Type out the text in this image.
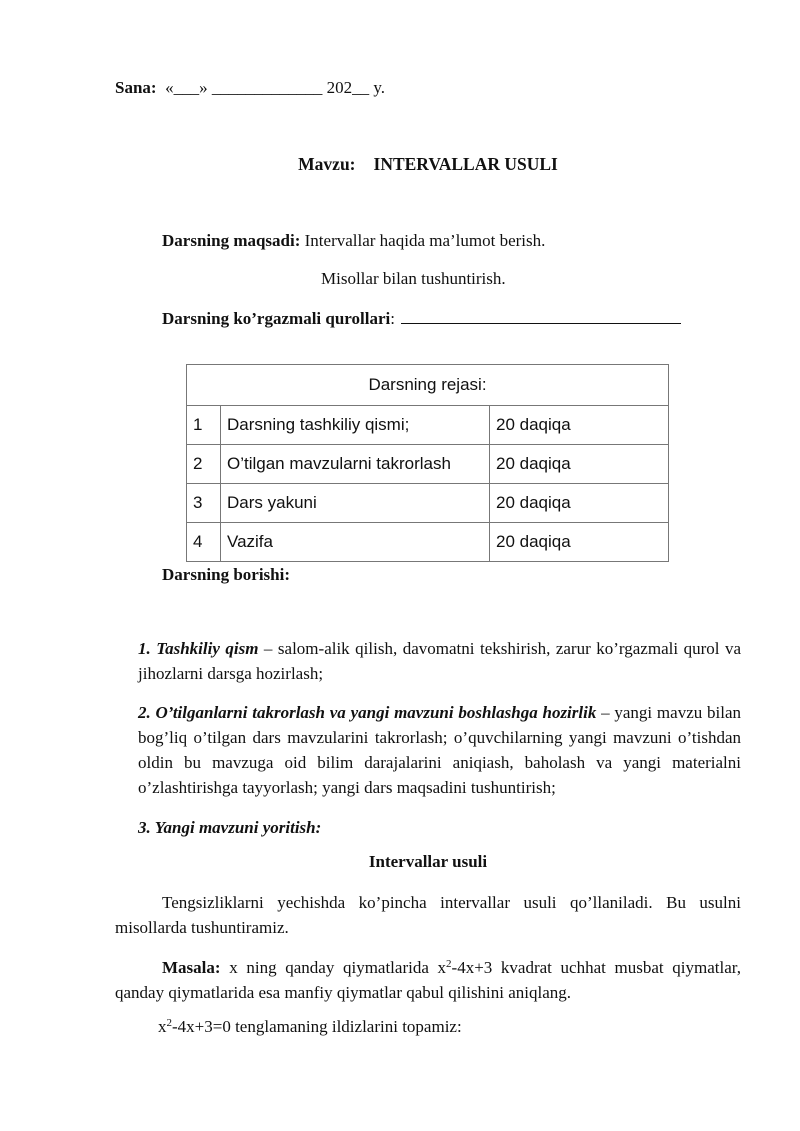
Sana: «___» _____________ 202__ y.
Mavzu: INTERVALLAR USULI
Darsning maqsadi: Intervallar haqida ma’lumot berish.
Misollar bilan tushuntirish.
Darsning ko’rgazmali qurollari:
Darsning rejasi:		
1	Darsning tashkiliy qismi;	20 daqiqa
2	O’tilgan mavzularni takrorlash	20 daqiqa
3	Dars yakuni	20 daqiqa
4	Vazifa	20 daqiqa
Darsning borishi:
1. Tashkiliy qism – salom-alik qilish, davomatni tekshirish, zarur ko’rgazmali qurol va jihozlarni darsga hozirlash;
2. O’tilganlarni takrorlash va yangi mavzuni boshlashga hozirlik – yangi mavzu bilan bog’liq o’tilgan dars mavzularini takrorlash; o’quvchilarning yangi mavzuni o’tishdan oldin bu mavzuga oid bilim darajalarini aniqiash, baholash va yangi materialni o’zlashtirishga tayyorlash; yangi dars maqsadini tushuntirish;
3. Yangi mavzuni yoritish:
Intervallar usuli
Tengsizliklarni yechishda ko’pincha intervallar usuli qo’llaniladi. Bu usulni misollarda tushuntiramiz.
Masala: x ning qanday qiymatlarida $x^2-4x+3$ kvadrat uchhat musbat qiymatlar, qanday qiymatlarida esa manfiy qiymatlar qabul qilishini aniqlang.
$x^2-4x+3=0$ tenglamaning ildizlarini topamiz:
